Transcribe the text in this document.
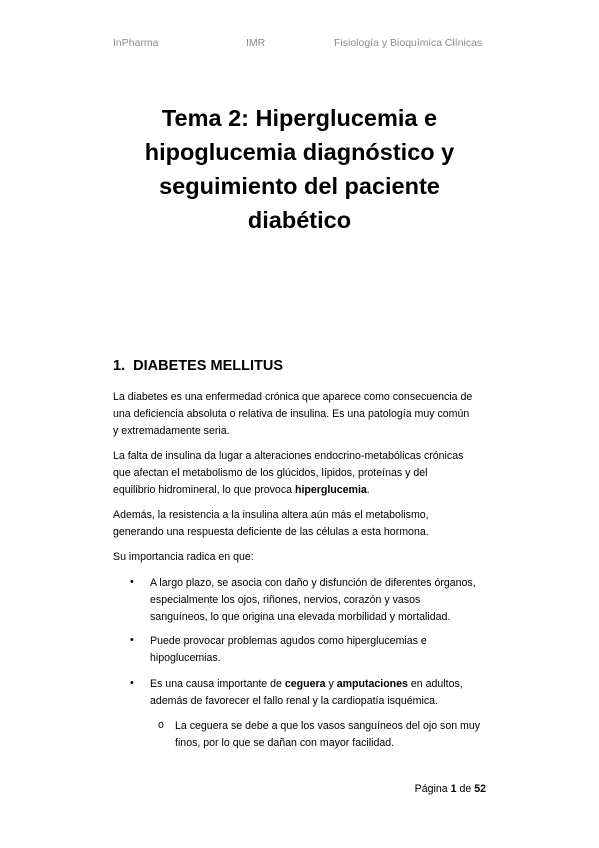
InPharma	IMR	Fisiología y Bioquímica Clínicas
Tema 2: Hiperglucemia e
hipoglucemia diagnóstico y
seguimiento del paciente
diabético
1. DIABETES MELLITUS
La diabetes es una enfermedad crónica que aparece como consecuencia de
una deficiencia absoluta o relativa de insulina. Es una patología muy común
y extremadamente seria.
La falta de insulina da lugar a alteraciones endocrino-metabólicas crónicas
que afectan el metabolismo de los glúcidos, lípidos, proteínas y del
equilibrio hidromineral, lo que provoca hiperglucemia.
Además, la resistencia a la insulina altera aún más el metabolismo,
generando una respuesta deficiente de las células a esta hormona.
Su importancia radica en que:
• A largo plazo, se asocia con daño y disfunción de diferentes órganos,
especialmente los ojos, riñones, nervios, corazón y vasos
sanguíneos, lo que origina una elevada morbilidad y mortalidad.
• Puede provocar problemas agudos como hiperglucemias e
hipoglucemias.
• Es una causa importante de ceguera y amputaciones en adultos,
además de favorecer el fallo renal y la cardiopatía isquémica.
o La ceguera se debe a que los vasos sanguíneos del ojo son muy
finos, por lo que se dañan con mayor facilidad.
Página 1 de 52
